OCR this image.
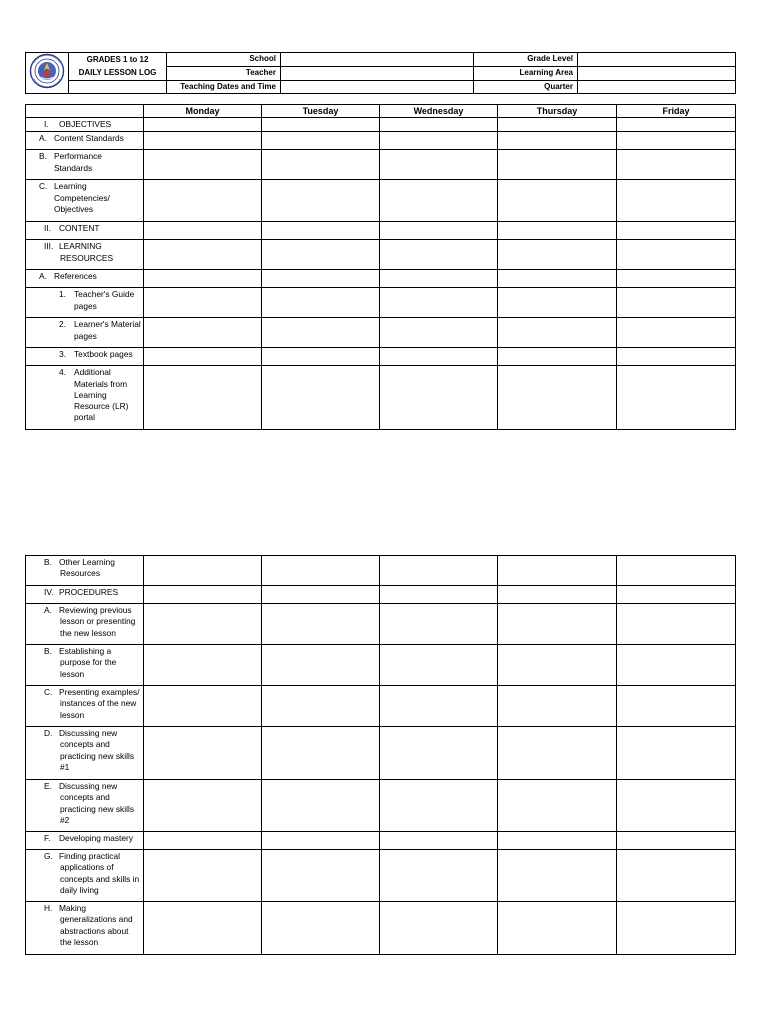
GRADES 1 to 12
DAILY LESSON LOG	School		Grade Level	
		Teacher		Learning Area	
		Teaching Dates and Time		Quarter	
	Monday	Tuesday	Wednesday	Thursday	Friday
I. OBJECTIVES					
A. Content Standards					
B. Performance Standards					
C. Learning Competencies/ Objectives					
II. CONTENT					
III. LEARNING RESOURCES					
A. References					
1. Teacher's Guide pages					
2. Learner's Material pages					
3. Textbook pages					
4. Additional Materials from Learning Resource (LR) portal					
B. Other Learning Resources					
IV. PROCEDURES					
A. Reviewing previous lesson or presenting the new lesson					
B. Establishing a purpose for the lesson					
C. Presenting examples/ instances of the new lesson					
D. Discussing new concepts and practicing new skills #1					
E. Discussing new concepts and practicing new skills #2					
F. Developing mastery					
G. Finding practical applications of concepts and skills in daily living					
H. Making generalizations and abstractions about the lesson					
